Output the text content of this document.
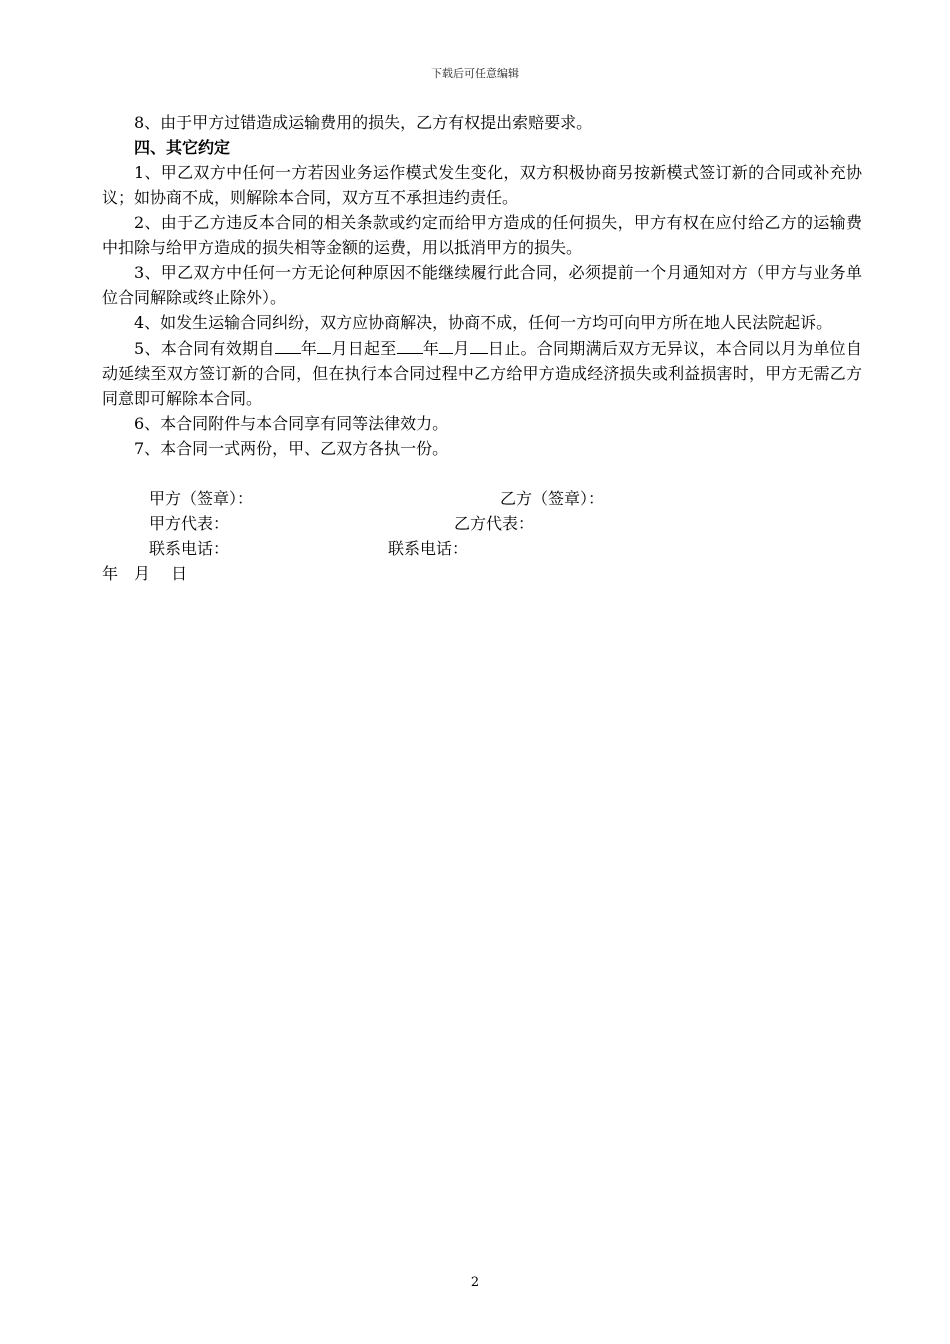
下载后可任意编辑

8、由于甲方过错造成运输费用的损失，乙方有权提出索赔要求。

四、其它约定

1、甲乙双方中任何一方若因业务运作模式发生变化，双方积极协商另按新模式签订新的合同或补充协议；如协商不成，则解除本合同，双方互不承担违约责任。

2、由于乙方违反本合同的相关条款或约定而给甲方造成的任何损失，甲方有权在应付给乙方的运输费中扣除与给甲方造成的损失相等金额的运费，用以抵消甲方的损失。

3、甲乙双方中任何一方无论何种原因不能继续履行此合同，必须提前一个月通知对方（甲方与业务单位合同解除或终止除外）。

4、如发生运输合同纠纷，双方应协商解决，协商不成，任何一方均可向甲方所在地人民法院起诉。

5、本合同有效期自 年 月日起至 年 月 日止。合同期满后双方无异议，本合同以月为单位自动延续至双方签订新的合同，但在执行本合同过程中乙方给甲方造成经济损失或利益损害时，甲方无需乙方同意即可解除本合同。

6、本合同附件与本合同享有同等法律效力。

7、本合同一式两份，甲、乙双方各执一份。

甲方（签章）：	乙方（签章）：
甲方代表：	乙方代表：
联系电话：	联系电话：
年　月　 日
2
